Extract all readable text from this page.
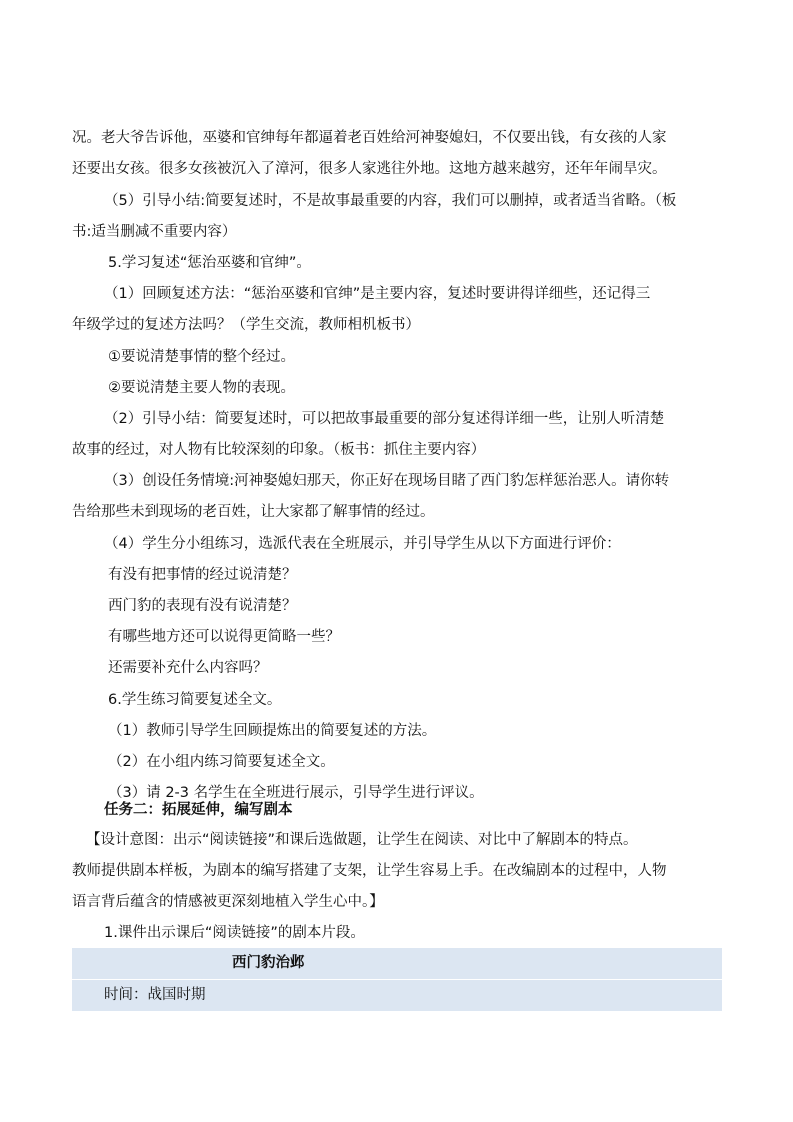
况。老大爷告诉他，巫婆和官绅每年都逼着老百姓给河神娶媳妇，不仅要出钱，有女孩的人家
还要出女孩。很多女孩被沉入了漳河，很多人家逃往外地。这地方越来越穷，还年年闹旱灾。
（5）引导小结:简要复述时，不是故事最重要的内容，我们可以删掉，或者适当省略。（板
书:适当删减不重要内容）
5.学习复述“惩治巫婆和官绅”。
（1）回顾复述方法：“惩治巫婆和官绅”是主要内容，复述时要讲得详细些，还记得三
年级学过的复述方法吗？（学生交流，教师相机板书）
①要说清楚事情的整个经过。
②要说清楚主要人物的表现。
（2）引导小结：简要复述时，可以把故事最重要的部分复述得详细一些，让别人听清楚
故事的经过，对人物有比较深刻的印象。（板书：抓住主要内容）
（3）创设任务情境:河神娶媳妇那天，你正好在现场目睹了西门豹怎样惩治恶人。请你转
告给那些未到现场的老百姓，让大家都了解事情的经过。
（4）学生分小组练习，选派代表在全班展示，并引导学生从以下方面进行评价：
有没有把事情的经过说清楚？
西门豹的表现有没有说清楚？
有哪些地方还可以说得更简略一些？
还需要补充什么内容吗？
6.学生练习简要复述全文。
（1）教师引导学生回顾提炼出的简要复述的方法。
（2）在小组内练习简要复述全文。
（3）请 2-3 名学生在全班进行展示，引导学生进行评议。
任务二：拓展延伸，编写剧本
【设计意图：出示“阅读链接”和课后选做题，让学生在阅读、对比中了解剧本的特点。
教师提供剧本样板，为剧本的编写搭建了支架，让学生容易上手。在改编剧本的过程中，人物
语言背后蕴含的情感被更深刻地植入学生心中。】
1.课件出示课后“阅读链接”的剧本片段。
西门豹治邺
时间：战国时期
